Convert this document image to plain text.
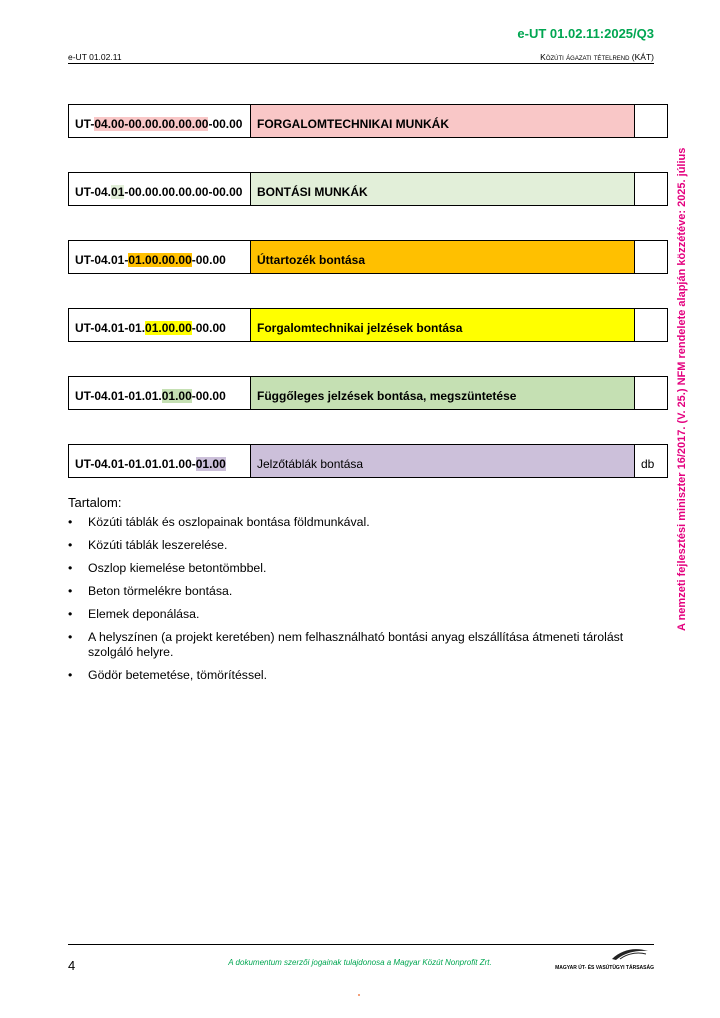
e-UT 01.02.11:2025/Q3
e-UT 01.02.11	Közúti ágazati tételrend (KÁT)
A nemzeti fejlesztési miniszter 16/2017. (V. 25.) NFM rendelete alapján közzétéve: 2025. július
UT- 04.00-00.00.00.00.00 -00.00	FORGALOMTECHNIKAI MUNKÁK
UT-04. 01 -00.00.00.00.00-00.00	BONTÁSI MUNKÁK
UT-04.01- 01.00.00.00 -00.00	Úttartozék bontása
UT-04.01-01. 01.00.00 -00.00	Forgalomtechnikai jelzések bontása
UT-04.01-01.01. 01.00 -00.00	Függőleges jelzések bontása, megszüntetése
UT-04.01-01.01.01.00- 01.00	Jelzőtáblák bontása	db
Tartalom:
• Közúti táblák és oszlopainak bontása földmunkával.
• Közúti táblák leszerelése.
• Oszlop kiemelése betontömbbel.
• Beton törmelékre bontása.
• Elemek deponálása.
• A helyszínen (a projekt keretében) nem felhasználható bontási anyag elszállítása átmeneti tárolást szolgáló helyre.
• Gödör betemetése, tömörítéssel.
4	A dokumentum szerzői jogainak tulajdonosa a Magyar Közút Nonprofit Zrt.
MAGYAR ÚT- ÉS VASÚTÜGYI TÁRSASÁG
